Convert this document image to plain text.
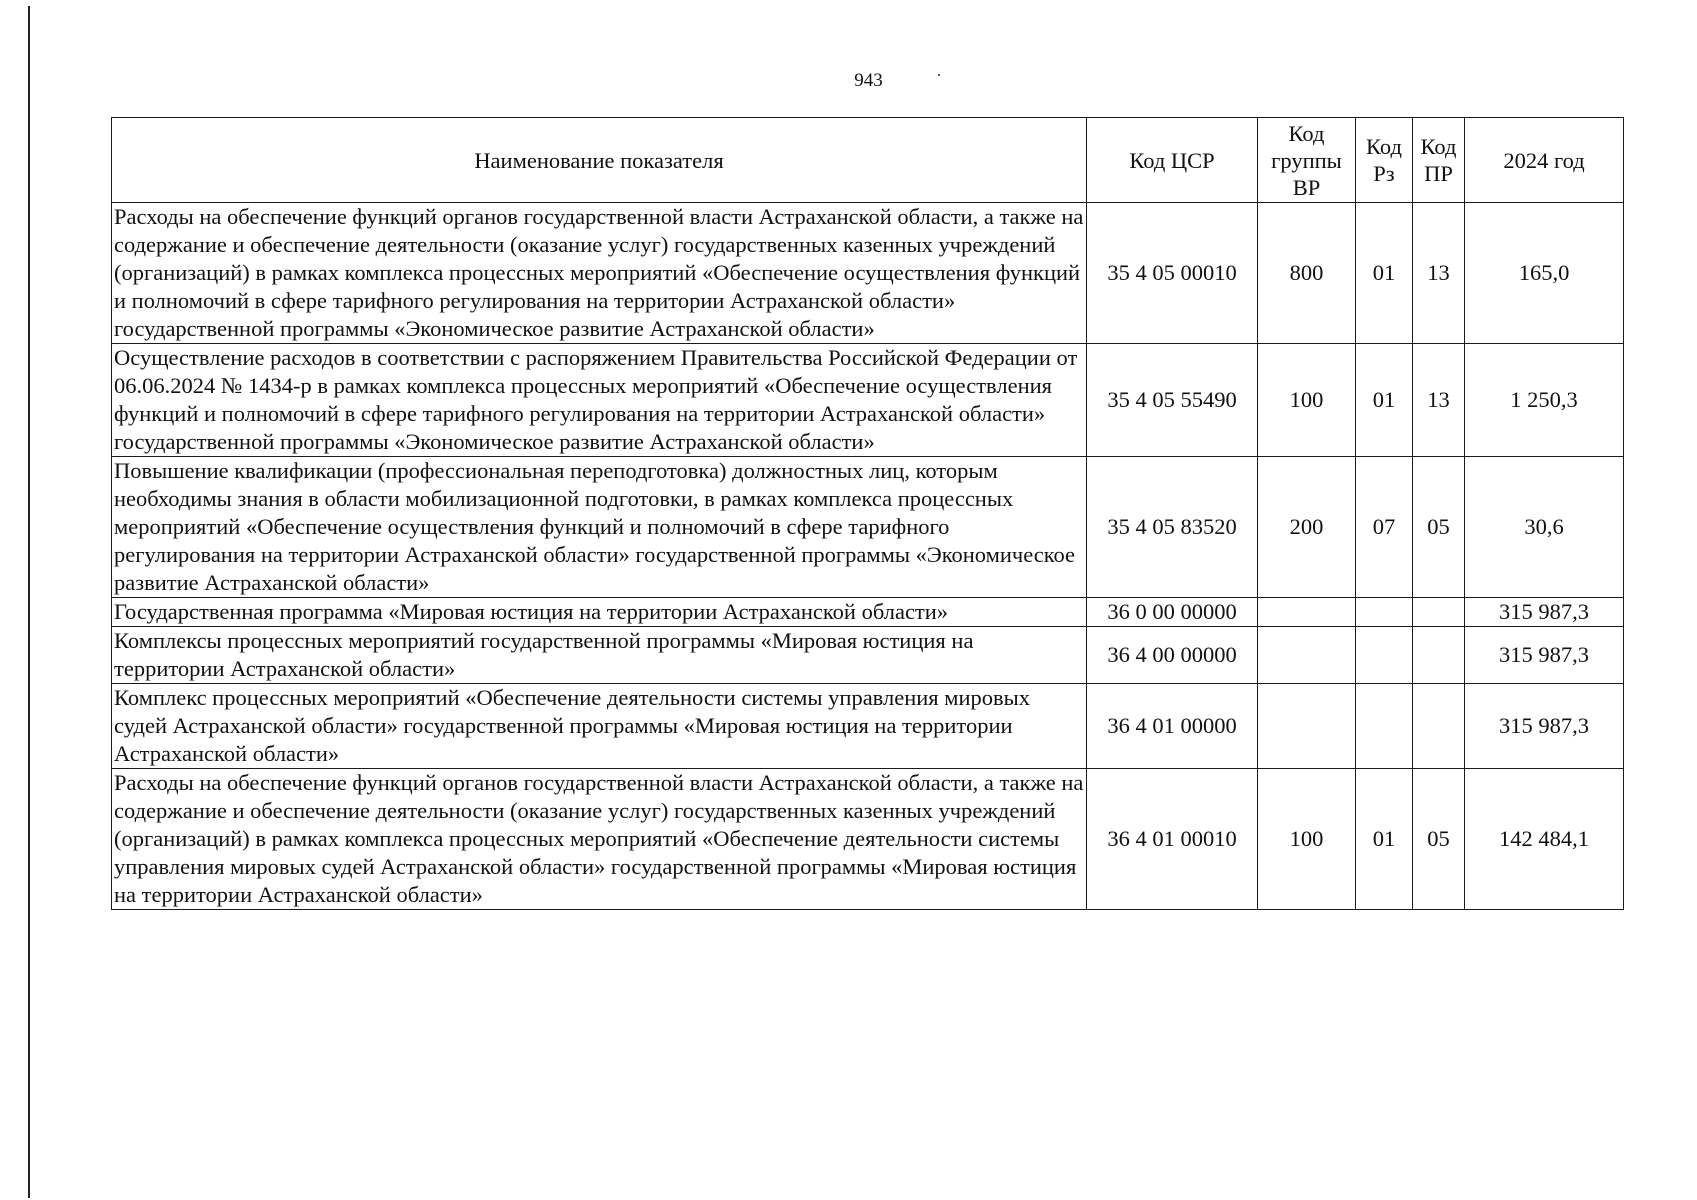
943
Наименование показателя	Код ЦСР	Код группы ВР	Код Рз	Код ПР	2024 год
Расходы на обеспечение функций органов государственной власти Астраханской области, а также на содержание и обеспечение деятельности (оказание услуг) государственных казенных учреждений (организаций) в рамках комплекса процессных мероприятий «Обеспечение осуществления функций и полномочий в сфере тарифного регулирования на территории Астраханской области» государственной программы «Экономическое развитие Астраханской области»	35 4 05 00010	800	01	13	165,0
Осуществление расходов в соответствии с распоряжением Правительства Российской Федерации от 06.06.2024 № 1434-р в рамках комплекса процессных мероприятий «Обеспечение осуществления функций и полномочий в сфере тарифного регулирования на территории Астраханской области» государственной программы «Экономическое развитие Астраханской области»	35 4 05 55490	100	01	13	1 250,3
Повышение квалификации (профессиональная переподготовка) должностных лиц, которым необходимы знания в области мобилизационной подготовки, в рамках комплекса процессных мероприятий «Обеспечение осуществления функций и полномочий в сфере тарифного регулирования на территории Астраханской области» государственной программы «Экономическое развитие Астраханской области»	35 4 05 83520	200	07	05	30,6
Государственная программа «Мировая юстиция на территории Астраханской области»	36 0 00 00000				315 987,3
Комплексы процессных мероприятий государственной программы «Мировая юстиция на территории Астраханской области»	36 4 00 00000				315 987,3
Комплекс процессных мероприятий «Обеспечение деятельности системы управления мировых судей Астраханской области» государственной программы «Мировая юстиция на территории Астраханской области»	36 4 01 00000				315 987,3
Расходы на обеспечение функций органов государственной власти Астраханской области, а также на содержание и обеспечение деятельности (оказание услуг) государственных казенных учреждений (организаций) в рамках комплекса процессных мероприятий «Обеспечение деятельности системы управления мировых судей Астраханской области» государственной программы «Мировая юстиция на территории Астраханской области»	36 4 01 00010	100	01	05	142 484,1
